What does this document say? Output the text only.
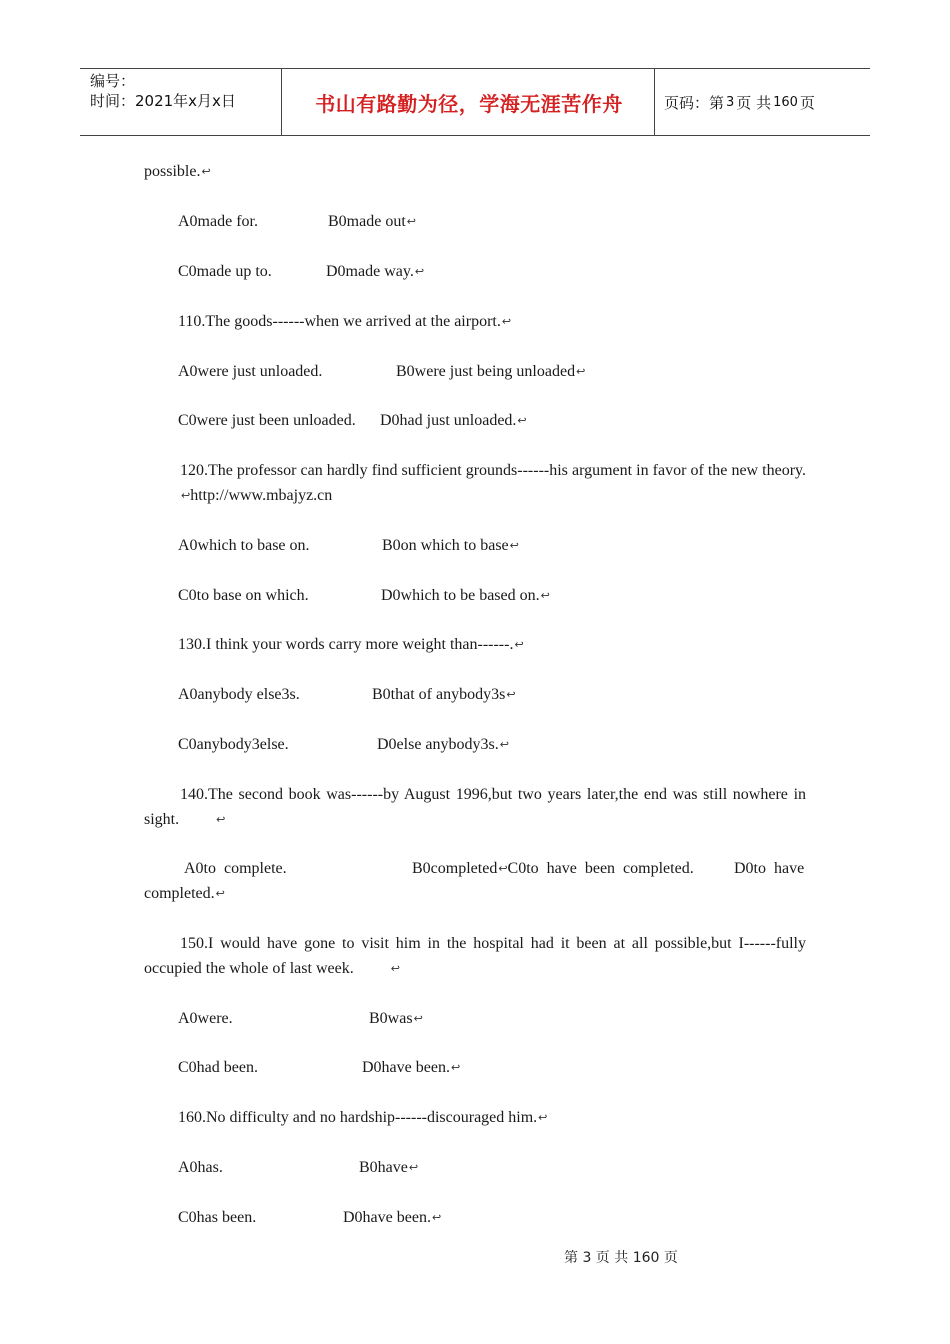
编号：
时间：2021年x月x日	书山有路勤为径，学海无涯苦作舟	页码：第 3 页 共 160 页
possible.↩
A0made for.	B0made out↩
C0made up to.	D0made way.↩
110.The goods------when we arrived at the airport.↩
A0were just unloaded.	B0were just being unloaded↩
C0were just been unloaded. D0had just unloaded.↩
120.The professor can hardly find sufficient grounds------his argument in favor of the new theory.↩http://www.mbajyz.cn
A0which to base on.	B0on which to base↩
C0to base on which.	D0which to be based on.↩
130.I think your words carry more weight than------.↩
A0anybody else3s.	B0that of anybody3s↩
C0anybody3else.	D0else anybody3s.↩
140.The second book was------by August 1996,but two years later,the end was still nowhere in sight.	↩
A0to  complete.	B0completed↩C0to  have  been  completed.	D0to  have
completed.↩
150.I would have gone to visit him in the hospital had it been at all possible,but I------fully occupied the whole of last week.	↩
A0were.	B0was↩
C0had been.	D0have been.↩
160.No difficulty and no hardship------discouraged him.↩
A0has.	B0have↩
C0has been.	D0have been.↩
第 3 页 共 160 页
